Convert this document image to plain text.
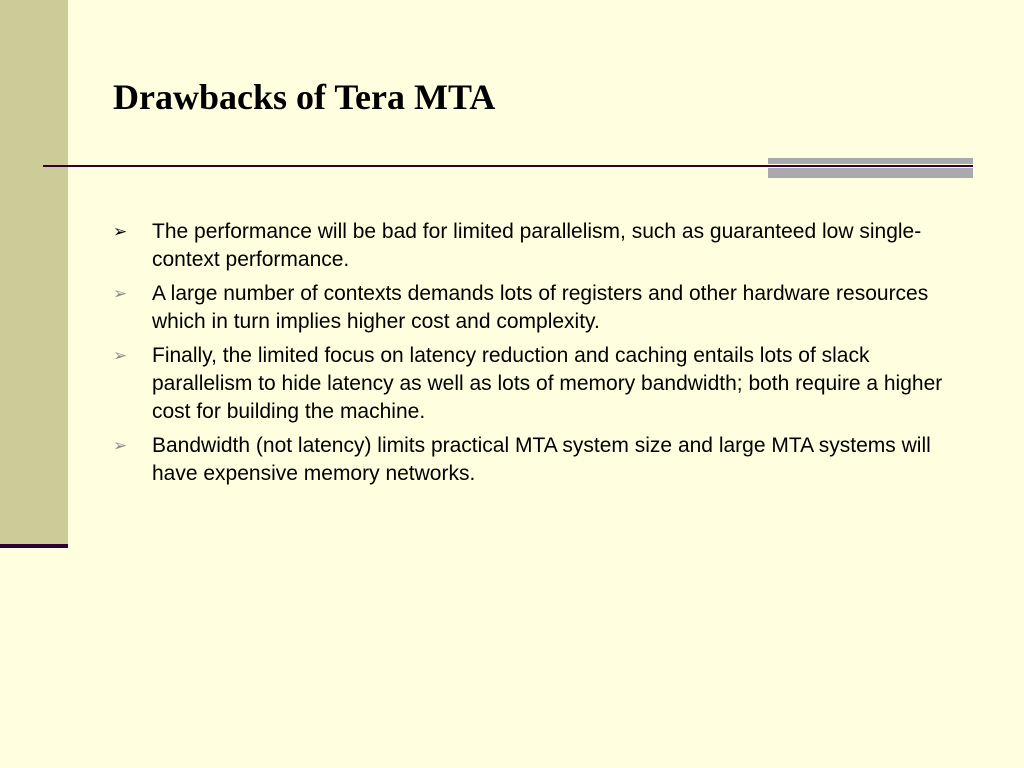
Drawbacks of Tera MTA
➢ The performance will be bad for limited parallelism, such as guaranteed low single-context performance.
➢ A large number of contexts demands lots of registers and other hardware resources which in turn implies higher cost and complexity.
➢ Finally, the limited focus on latency reduction and caching entails lots of slack parallelism to hide latency as well as lots of memory bandwidth; both require a higher cost for building the machine.
➢ Bandwidth (not latency) limits practical MTA system size and large MTA systems will have expensive memory networks.
